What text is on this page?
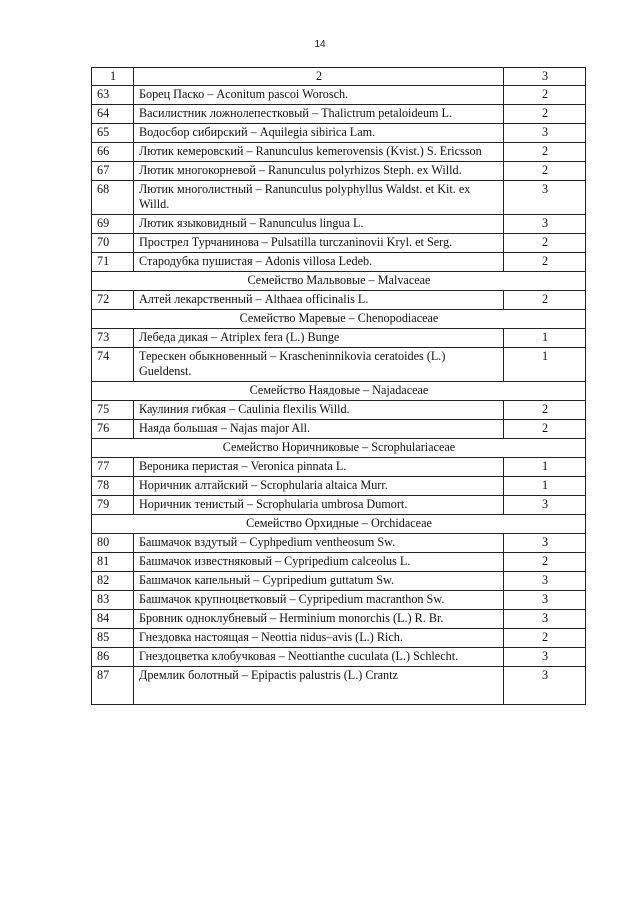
14
1	2	3
63	Борец Паско – Aconitum pascoi Worosch.	2
64	Василистник ложнолепестковый – Thalictrum petaloideum L.	2
65	Водосбор сибирский – Aquilegia sibirica Lam.	3
66	Лютик кемеровский – Ranunculus kemerovensis (Kvist.) S. Ericsson	2
67	Лютик многокорневой – Ranunculus polyrhizos Steph. ex Willd.	2
68	Лютик многолистный – Ranunculus polyphyllus Waldst. et Kit. ex Willd.	3
69	Лютик языковидный – Ranunculus lingua L.	3
70	Прострел Турчанинова – Pulsatilla turczaninovii Kryl. et Serg.	2
71	Стародубка пушистая – Adonis villosa Ledeb.	2
Семейство Мальвовые – Malvaceae		
72	Алтей лекарственный – Althaea officinalis L.	2
Семейство Маревые – Chenopodiaceae		
73	Лебеда дикая – Atriplex fera (L.) Bunge	1
74	Терескен обыкновенный – Krascheninnikovia ceratoides (L.) Gueldenst.	1
Семейство Наядовые – Najadaceae		
75	Каулиния гибкая – Caulinia flexilis Willd.	2
76	Наяда большая – Najas major All.	2
Семейство Норичниковые – Scrophulariaceae		
77	Вероника перистая – Veronica pinnata L.	1
78	Норичник алтайский – Scrophularia altaica Murr.	1
79	Норичник тенистый – Scrophularia umbrosa Dumort.	3
Семейство Орхидные – Orchidaceae		
80	Башмачок вздутый – Cyphpedium ventheosum Sw.	3
81	Башмачок известняковый – Cypripedium calceolus L.	2
82	Башмачок капельный – Cypripedium guttatum Sw.	3
83	Башмачок крупноцветковый – Cypripedium macranthon Sw.	3
84	Бровник одноклубневый – Herminium monorchis (L.) R. Br.	3
85	Гнездовка настоящая – Neottia nidus–avis (L.) Rich.	2
86	Гнездоцветка клобучковая – Neottianthe cuculata (L.) Schlecht.	3
87	Дремлик болотный – Epipactis palustris (L.) Crantz	3
